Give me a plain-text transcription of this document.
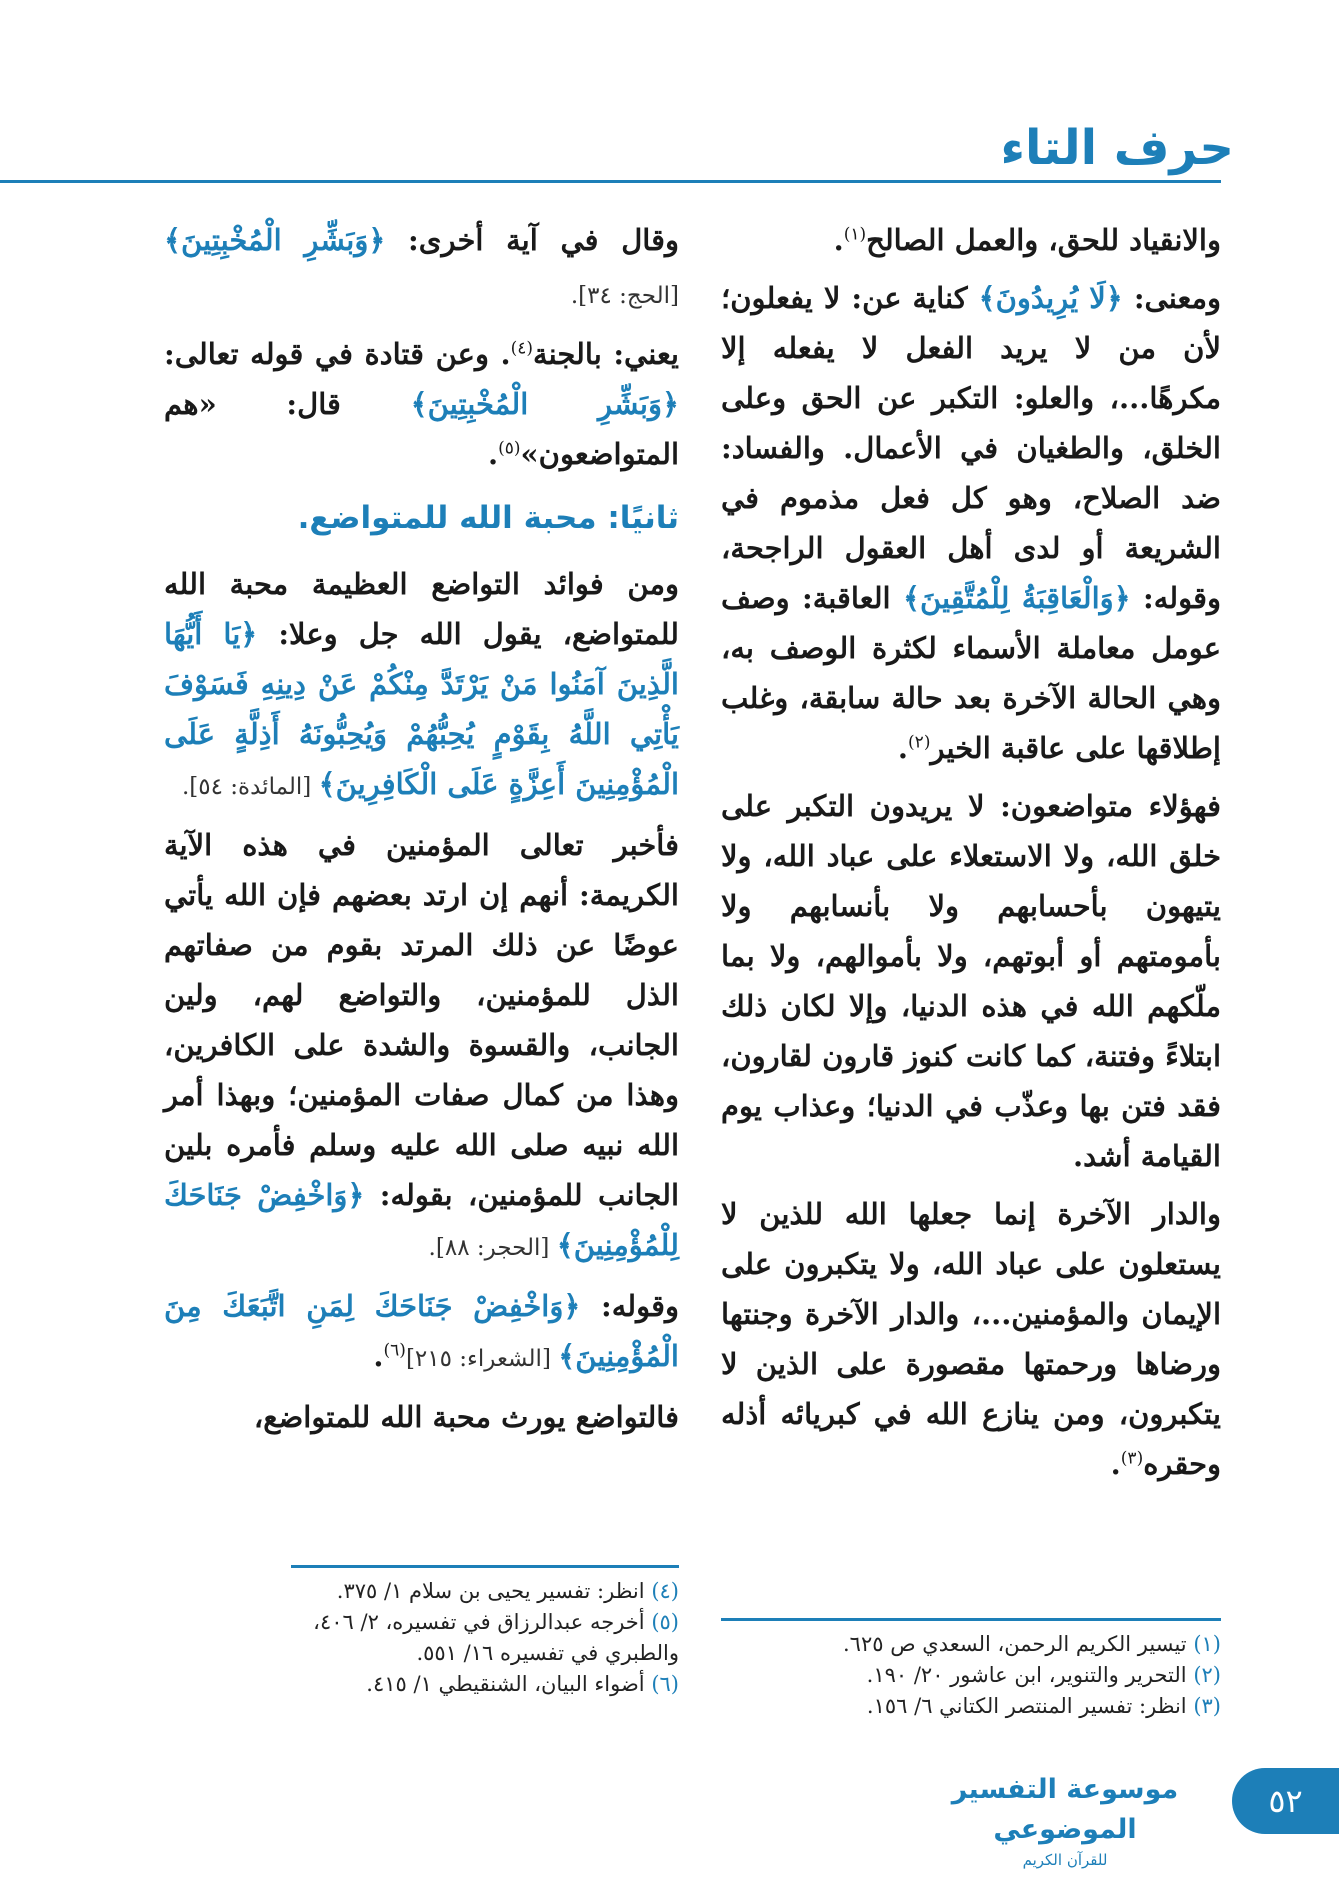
حرف التاء

والانقياد للحق، والعمل الصالح$^{(١)}$.

ومعنى: ﴿لَا يُرِيدُونَ﴾ كناية عن: لا يفعلون؛ لأن من لا يريد الفعل لا يفعله إلا مكرهًا...، والعلو: التكبر عن الحق وعلى الخلق، والطغيان في الأعمال. والفساد: ضد الصلاح، وهو كل فعل مذموم في الشريعة أو لدى أهل العقول الراجحة، وقوله: ﴿وَالْعَاقِبَةُ لِلْمُتَّقِينَ﴾ العاقبة: وصف عومل معاملة الأسماء لكثرة الوصف به، وهي الحالة الآخرة بعد حالة سابقة، وغلب إطلاقها على عاقبة الخير$^{(٢)}$.

فهؤلاء متواضعون: لا يريدون التكبر على خلق الله، ولا الاستعلاء على عباد الله، ولا يتيهون بأحسابهم ولا بأنسابهم ولا بأمومتهم أو أبوتهم، ولا بأموالهم، ولا بما ملّكهم الله في هذه الدنيا، وإلا لكان ذلك ابتلاءً وفتنة، كما كانت كنوز قارون لقارون، فقد فتن بها وعذّب في الدنيا؛ وعذاب يوم القيامة أشد.

والدار الآخرة إنما جعلها الله للذين لا يستعلون على عباد الله، ولا يتكبرون على الإيمان والمؤمنين...، والدار الآخرة وجنتها ورضاها ورحمتها مقصورة على الذين لا يتكبرون، ومن ينازع الله في كبريائه أذله وحقره$^{(٣)}$.

وقال في آية أخرى: ﴿وَبَشِّرِ الْمُخْبِتِينَ﴾ [الحج: ٣٤].

يعني: بالجنة$^{(٤)}$. وعن قتادة في قوله تعالى: ﴿وَبَشِّرِ الْمُخْبِتِينَ﴾ قال: «هم المتواضعون»$^{(٥)}$.

ثانيًا: محبة الله للمتواضع.

ومن فوائد التواضع العظيمة محبة الله للمتواضع، يقول الله جل وعلا: ﴿يَا أَيُّهَا الَّذِينَ آمَنُوا مَنْ يَرْتَدَّ مِنْكُمْ عَنْ دِينِهِ فَسَوْفَ يَأْتِي اللَّهُ بِقَوْمٍ يُحِبُّهُمْ وَيُحِبُّونَهُ أَذِلَّةٍ عَلَى الْمُؤْمِنِينَ أَعِزَّةٍ عَلَى الْكَافِرِينَ﴾ [المائدة: ٥٤].

فأخبر تعالى المؤمنين في هذه الآية الكريمة: أنهم إن ارتد بعضهم فإن الله يأتي عوضًا عن ذلك المرتد بقوم من صفاتهم الذل للمؤمنين، والتواضع لهم، ولين الجانب، والقسوة والشدة على الكافرين، وهذا من كمال صفات المؤمنين؛ وبهذا أمر الله نبيه صلى الله عليه وسلم فأمره بلين الجانب للمؤمنين، بقوله: ﴿وَاخْفِضْ جَنَاحَكَ لِلْمُؤْمِنِينَ﴾ [الحجر: ٨٨].

وقوله: ﴿وَاخْفِضْ جَنَاحَكَ لِمَنِ اتَّبَعَكَ مِنَ الْمُؤْمِنِينَ﴾ [الشعراء: ٢١٥]$^{(٦)}$.

فالتواضع يورث محبة الله للمتواضع،

(١) تيسير الكريم الرحمن، السعدي ص ٦٢٥.

(٢) التحرير والتنوير، ابن عاشور ٢٠/ ١٩٠.

(٣) انظر: تفسير المنتصر الكتاني ٦/ ١٥٦.

(٤) انظر: تفسير يحيى بن سلام ١/ ٣٧٥.

(٥) أخرجه عبدالرزاق في تفسيره، ٢/ ٤٠٦، والطبري في تفسيره ١٦/ ٥٥١.

(٦) أضواء البيان، الشنقيطي ١/ ٤١٥.

موسوعة التفسير الموضوعي
للقرآن الكريم
٥٢
